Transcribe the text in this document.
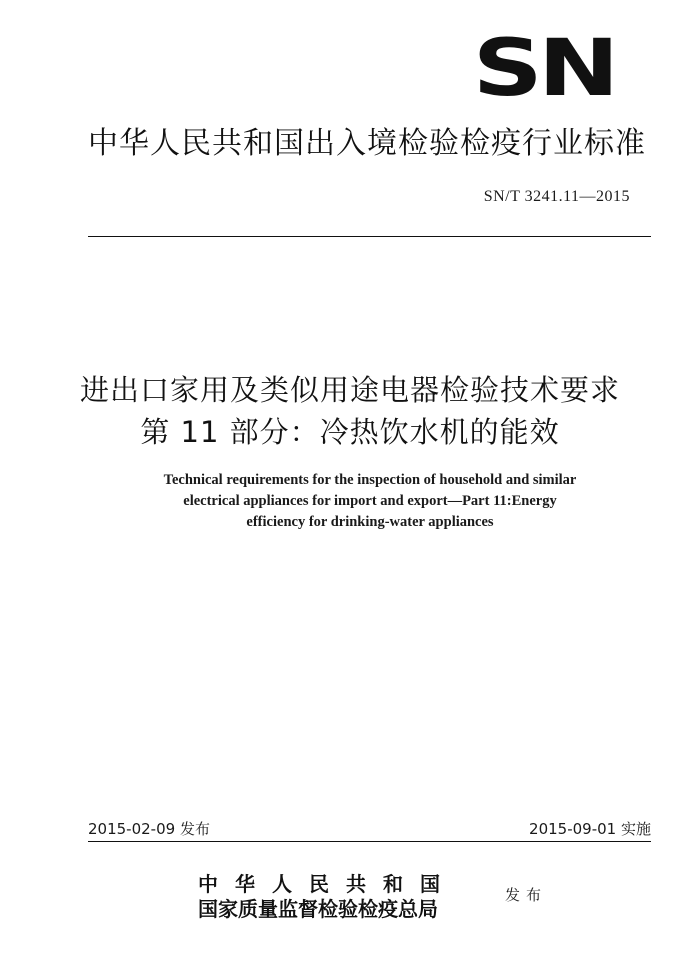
SN
中华人民共和国出入境检验检疫行业标准
SN/T 3241.11—2015
进出口家用及类似用途电器检验技术要求
第 11 部分：冷热饮水机的能效
Technical requirements for the inspection of household and similar
electrical appliances for import and export—Part 11:Energy
efficiency for drinking-water appliances
2015-02-09 发布	2015-09-01 实施
中华人民共和国
国家质量监督检验检疫总局
发布
